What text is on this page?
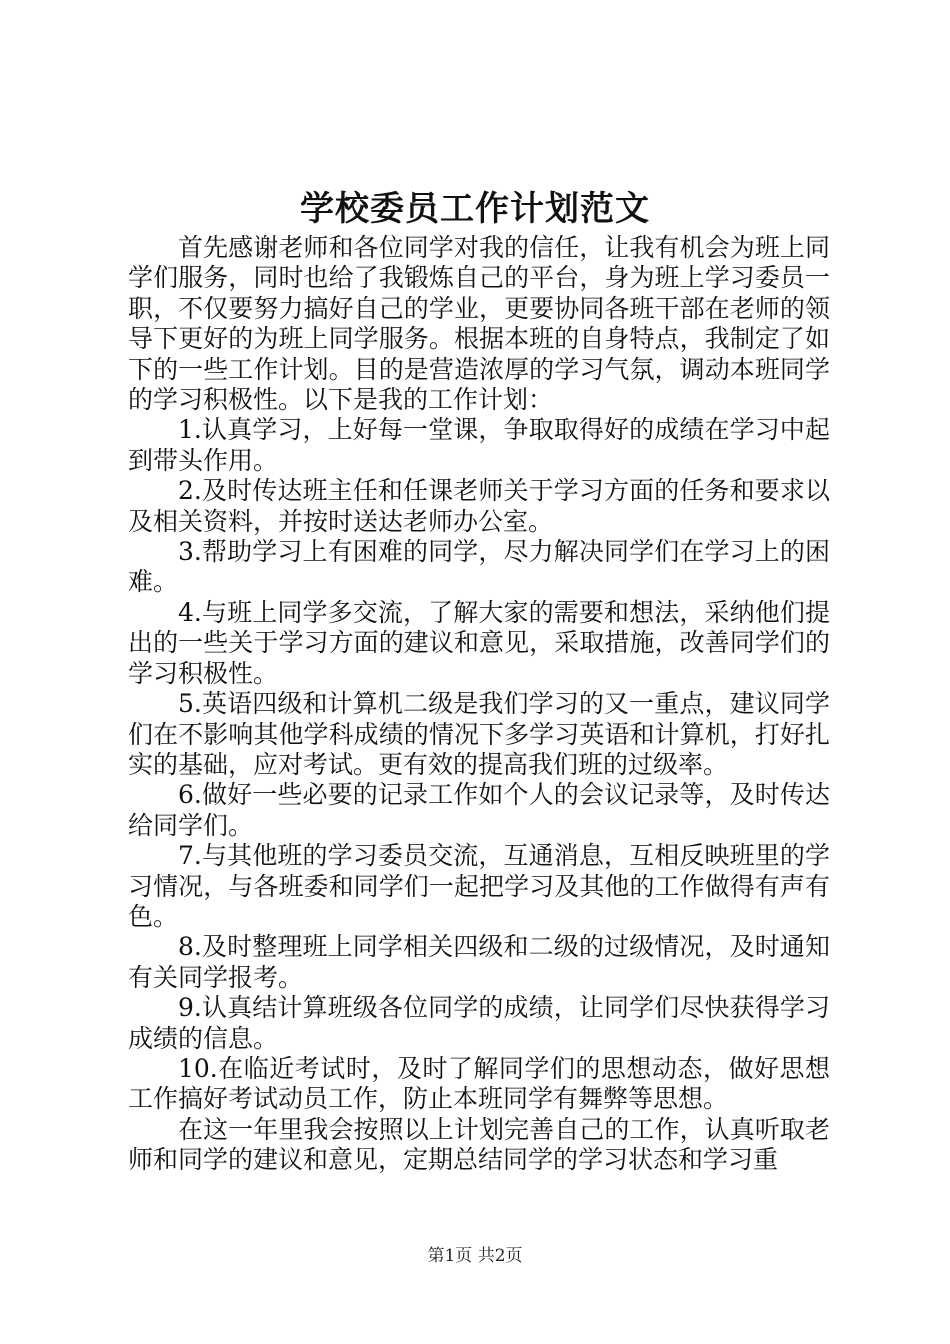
学校委员工作计划范文

首先感谢老师和各位同学对我的信任，让我有机会为班上同学们服务，同时也给了我锻炼自己的平台，身为班上学习委员一职，不仅要努力搞好自己的学业，更要协同各班干部在老师的领导下更好的为班上同学服务。根据本班的自身特点，我制定了如下的一些工作计划。目的是营造浓厚的学习气氛，调动本班同学的学习积极性。以下是我的工作计划：

1.认真学习，上好每一堂课，争取取得好的成绩在学习中起到带头作用。

2.及时传达班主任和任课老师关于学习方面的任务和要求以及相关资料，并按时送达老师办公室。

3.帮助学习上有困难的同学，尽力解决同学们在学习上的困难。

4.与班上同学多交流，了解大家的需要和想法，采纳他们提出的一些关于学习方面的建议和意见，采取措施，改善同学们的学习积极性。

5.英语四级和计算机二级是我们学习的又一重点，建议同学们在不影响其他学科成绩的情况下多学习英语和计算机，打好扎实的基础，应对考试。更有效的提高我们班的过级率。

6.做好一些必要的记录工作如个人的会议记录等，及时传达给同学们。

7.与其他班的学习委员交流，互通消息，互相反映班里的学习情况，与各班委和同学们一起把学习及其他的工作做得有声有色。

8.及时整理班上同学相关四级和二级的过级情况，及时通知有关同学报考。

9.认真结计算班级各位同学的成绩，让同学们尽快获得学习成绩的信息。

10.在临近考试时，及时了解同学们的思想动态，做好思想工作搞好考试动员工作，防止本班同学有舞弊等思想。

在这一年里我会按照以上计划完善自己的工作，认真听取老师和同学的建议和意见，定期总结同学的学习状态和学习重

第1页 共2页
